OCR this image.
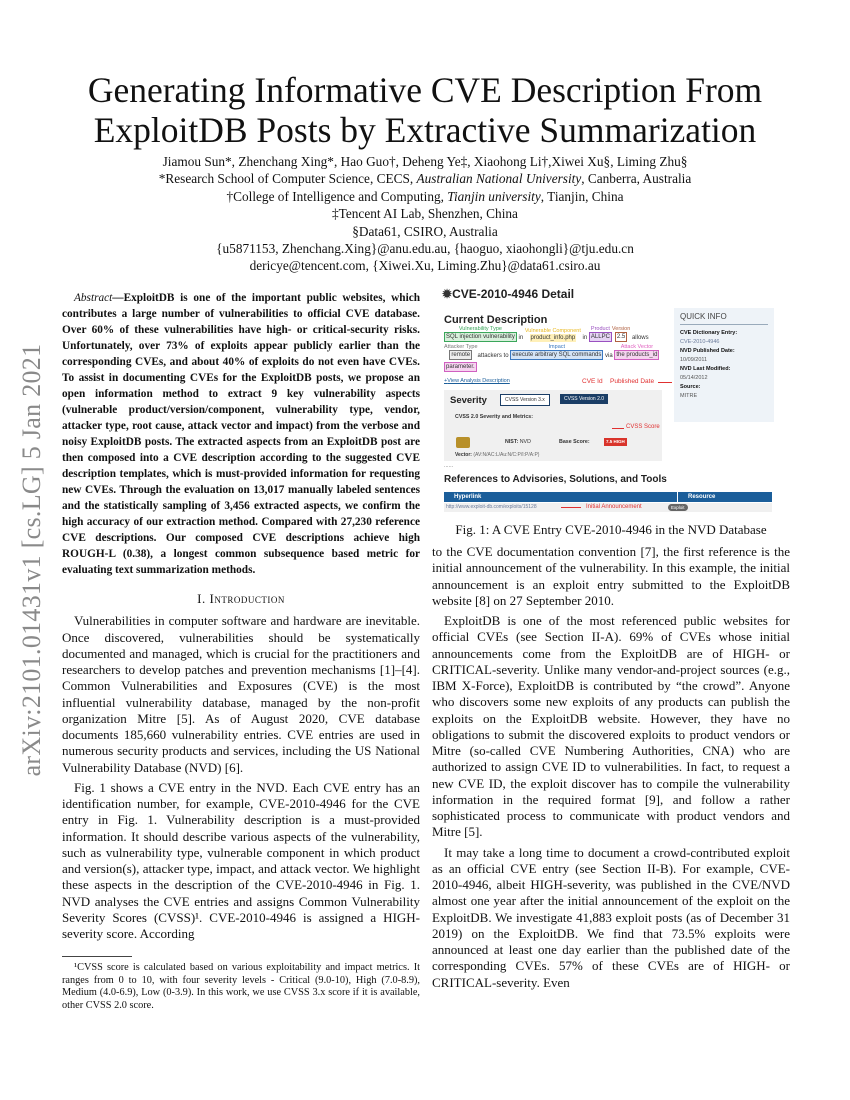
Generating Informative CVE Description From ExploitDB Posts by Extractive Summarization
Jiamou Sun*, Zhenchang Xing*, Hao Guo†, Deheng Ye‡, Xiaohong Li†,Xiwei Xu§, Liming Zhu§
*Research School of Computer Science, CECS, Australian National University, Canberra, Australia
†College of Intelligence and Computing, Tianjin university, Tianjin, China
‡Tencent AI Lab, Shenzhen, China
§Data61, CSIRO, Australia
{u5871153, Zhenchang.Xing}@anu.edu.au, {haoguo, xiaohongli}@tju.edu.cn
dericye@tencent.com, {Xiwei.Xu, Liming.Zhu}@data61.csiro.au
arXiv:2101.01431v1 [cs.LG] 5 Jan 2021

Abstract—ExploitDB is one of the important public websites, which contributes a large number of vulnerabilities to official CVE database. Over 60% of these vulnerabilities have high- or critical-security risks. Unfortunately, over 73% of exploits appear publicly earlier than the corresponding CVEs, and about 40% of exploits do not even have CVEs. To assist in documenting CVEs for the ExploitDB posts, we propose an open information method to extract 9 key vulnerability aspects (vulnerable product/version/component, vulnerability type, vendor, attacker type, root cause, attack vector and impact) from the verbose and noisy ExploitDB posts. The extracted aspects from an ExploitDB post are then composed into a CVE description according to the suggested CVE description templates, which is must-provided information for requesting new CVEs. Through the evaluation on 13,017 manually labeled sentences and the statistically sampling of 3,456 extracted aspects, we confirm the high accuracy of our extraction method. Compared with 27,230 reference CVE descriptions. Our composed CVE descriptions achieve high ROUGH-L (0.38), a longest common subsequence based metric for evaluating text summarization methods.

I. Introduction

Vulnerabilities in computer software and hardware are inevitable. Once discovered, vulnerabilities should be systematically documented and managed, which is crucial for the practitioners and researchers to develop patches and prevention mechanisms [1]–[4]. Common Vulnerabilities and Exposures (CVE) is the most influential vulnerability database, managed by the non-profit organization Mitre [5]. As of August 2020, CVE database documents 185,660 vulnerability entries. CVE entries are used in numerous security products and services, including the US National Vulnerability Database (NVD) [6].

Fig. 1 shows a CVE entry in the NVD. Each CVE entry has an identification number, for example, CVE-2010-4946 for the CVE entry in Fig. 1. Vulnerability description is a must-provided information. It should describe various aspects of the vulnerability, such as vulnerability type, vulnerable component in which product and version(s), attacker type, impact, and attack vector. We highlight these aspects in the description of the CVE-2010-4946 in Fig. 1. NVD analyses the CVE entries and assigns Common Vulnerability Severity Scores (CVSS)¹. CVE-2010-4946 is assigned a HIGH-severity score. According

¹CVSS score is calculated based on various exploitability and impact metrics. It ranges from 0 to 10, with four severity levels - Critical (9.0-10), High (7.0-8.9), Medium (4.0-6.9), Low (0-3.9). In this work, we use CVSS 3.x score if it is available, other CVSS 2.0 score.

✹CVE-2010-4946 Detail
Current Description
Vulnerability Type
SQL injection vulnerability in
Vulnerable Component
product_info.php in
Product
ALLPC
Version
2.5 allows
Attacker Type
remote	attackers to
Impact
execute arbitrary SQL commands via
Attack Vector
the products_id
parameter.
CVE Id Published Date
+View Analysis Description
QUICK INFO
CVE Dictionary Entry:
CVE-2010-4946
NVD Published Date:
10/09/2011
NVD Last Modified:
05/14/2012
Source:
MITRE
Severity	CVSS Version 3.x	CVSS Version 2.0
CVSS 2.0 Severity and Metrics:
CVSS Score
NIST: NVD	Base Score:	7.5 HIGH
Vector: (AV:N/AC:L/Au:N/C:P/I:P/A:P)
......
References to Advisories, Solutions, and Tools
Hyperlink	Resource
http://www.exploit-db.com/exploits/15128	Initial Announcement	Exploit
Fig. 1: A CVE Entry CVE-2010-4946 in the NVD Database

to the CVE documentation convention [7], the first reference is the initial announcement of the vulnerability. In this example, the initial announcement is an exploit entry submitted to the ExploitDB website [8] on 27 September 2010.

ExploitDB is one of the most referenced public websites for official CVEs (see Section II-A). 69% of CVEs whose initial announcements come from the ExploitDB are of HIGH- or CRITICAL-severity. Unlike many vendor-and-project sources (e.g., IBM X-Force), ExploitDB is contributed by “the crowd”. Anyone who discovers some new exploits of any products can publish the exploits on the ExploitDB website. However, they have no obligations to submit the discovered exploits to product vendors or Mitre (so-called CVE Numbering Authorities, CNA) who are authorized to assign CVE ID to vulnerabilities. In fact, to request a new CVE ID, the exploit discover has to compile the vulnerability information in the required format [9], and follow a rather sophisticated process to communicate with product vendors and Mitre [5].

It may take a long time to document a crowd-contributed exploit as an official CVE entry (see Section II-B). For example, CVE-2010-4946, albeit HIGH-severity, was published in the CVE/NVD almost one year after the initial announcement of the exploit on the ExploitDB. We investigate 41,883 exploit posts (as of December 31 2019) on the ExploitDB. We find that 73.5% exploits were announced at least one day earlier than the published date of the corresponding CVEs. 57% of these CVEs are of HIGH- or CRITICAL-severity. Even
